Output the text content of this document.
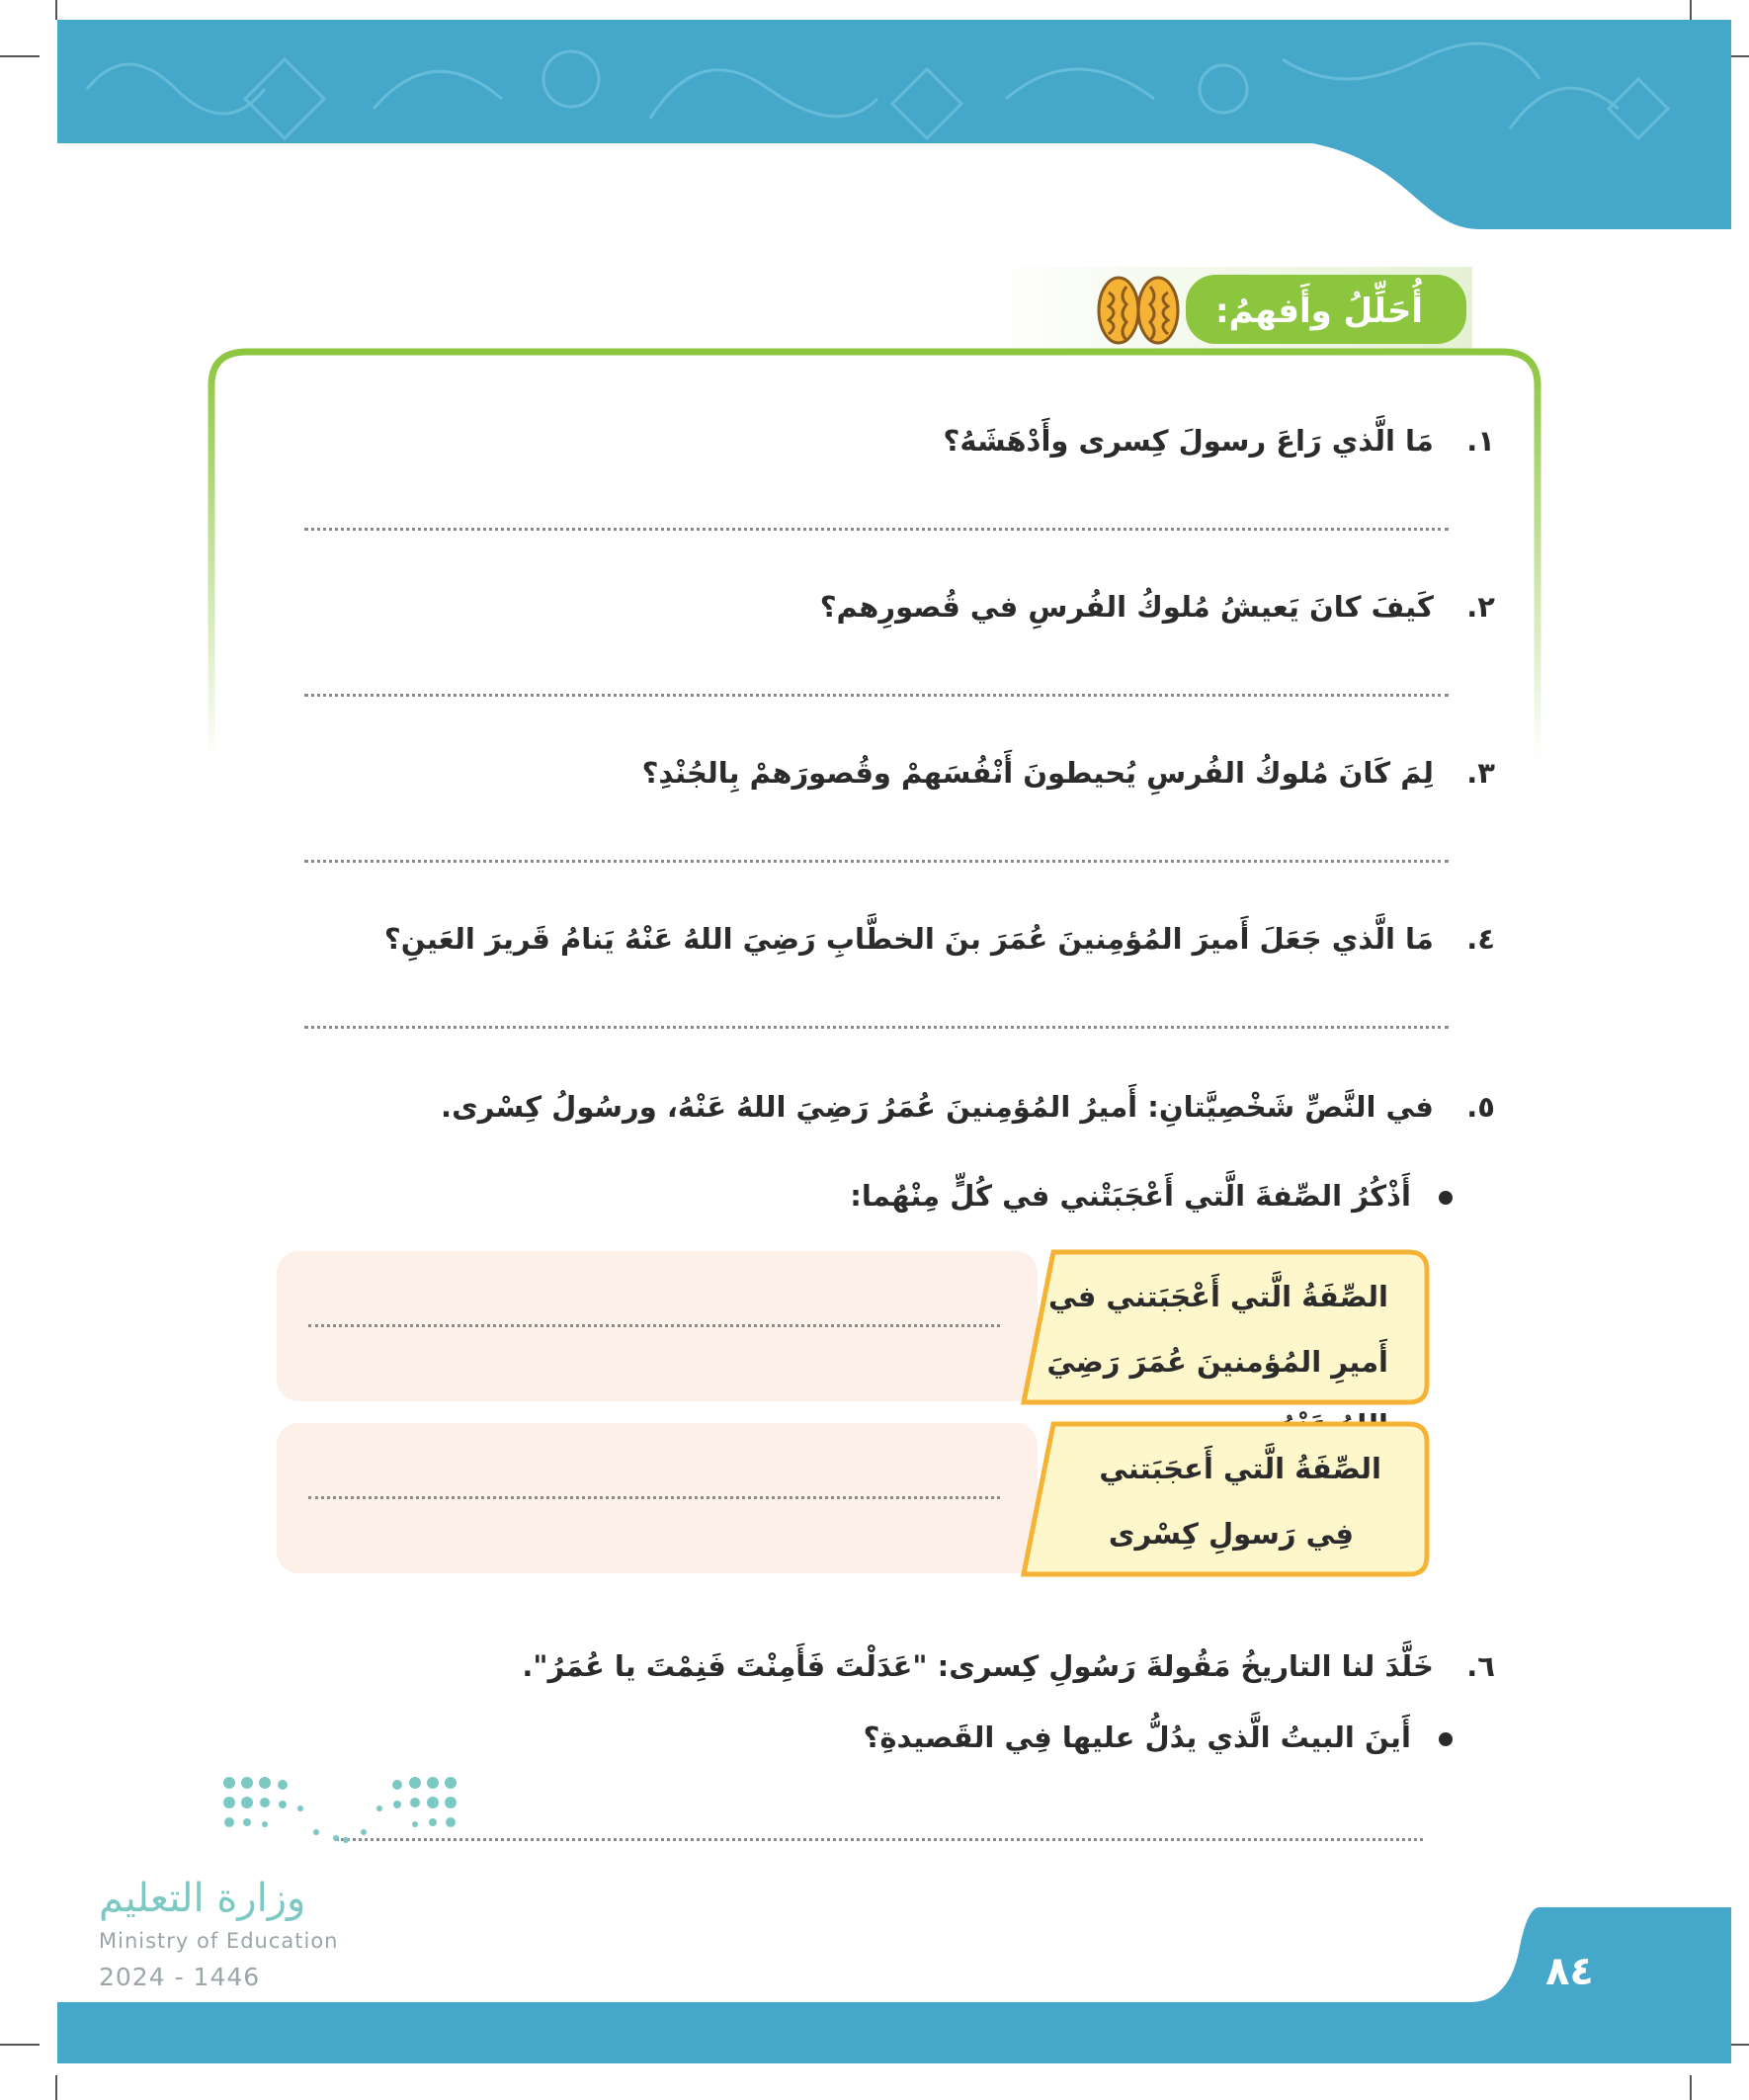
أُحَلِّلُ وأَفهمُ:
١. مَا الَّذي رَاعَ رسولَ كِسرى وأَدْهَشَهُ؟
٢. كَيفَ كانَ يَعيشُ مُلوكُ الفُرسِ في قُصورِهم؟
٣. لِمَ كَانَ مُلوكُ الفُرسِ يُحيطونَ أَنْفُسَهمْ وقُصورَهمْ بِالجُنْدِ؟
٤. مَا الَّذي جَعَلَ أَميرَ المُؤمِنينَ عُمَرَ بنَ الخطَّابِ رَضِيَ اللهُ عَنْهُ يَنامُ قَريرَ العَينِ؟
٥. في النَّصِّ شَخْصِيَّتانِ: أَميرُ المُؤمِنينَ عُمَرُ رَضِيَ اللهُ عَنْهُ، ورسُولُ كِسْرى.
أَذْكُرُ الصِّفةَ الَّتي أَعْجَبَتْني في كُلٍّ مِنْهُما:
الصِّفَةُ الَّتي أَعْجَبَتني في
أَميرِ المُؤمنينَ عُمَرَ رَضِيَ
الصِّفَةُ الَّتي أَعجَبَتني
فِي رَسولِ كِسْرى
٦. خَلَّدَ لنا التاريخُ مَقُولةَ رَسُولِ كِسرى: "عَدَلْتَ فَأَمِنْتَ فَنِمْتَ يا عُمَرُ".
أَينَ البيتُ الَّذي يدُلُّ عليها فِي القَصيدةِ؟
وزارة التعليم
Ministry of Education
2024 - 1446	٨٤
